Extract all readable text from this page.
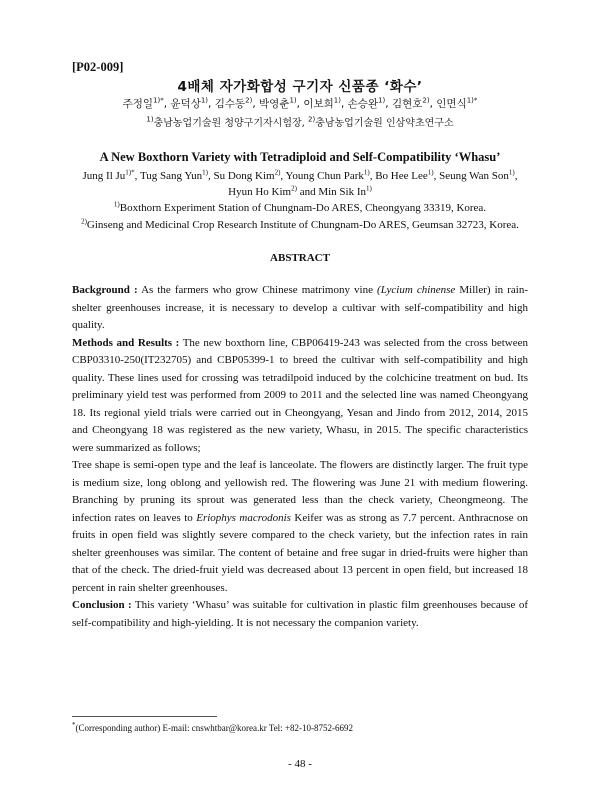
[P02-009]
4배체 자가화합성 구기자 신품종 ‘화수’
주정일$^{1)*}$, 윤덕상$^{1)}$, 김수동$^{2)}$, 박영춘$^{1)}$, 이보희$^{1)}$, 손승완$^{1)}$, 김현호$^{2)}$, 인면식$^{1)*}$
$^{1)}$충남농업기술원 청양구기자시험장, $^{2)}$충남농업기술원 인삼약초연구소
A New Boxthorn Variety with Tetradiploid and Self-Compatibility ‘Whasu’
Jung Il $Ju^{1)*}$, Tug Sang Yun$^{1)}$, Su Dong Kim$^{2)}$, Young Chun Park$^{1)}$, Bo Hee Lee$^{1)}$, Seung Wan Son$^{1)}$, Hyun Ho Kim$^{2)}$ and Min Sik In$^{1)}$
$^{1)}$Boxthorn Experiment Station of Chungnam-Do ARES, Cheongyang 33319, Korea.
$^{2)}$Ginseng and Medicinal Crop Research Institute of Chungnam-Do ARES, Geumsan 32723, Korea.
ABSTRACT

Background : As the farmers who grow Chinese matrimony vine (Lycium chinense Miller) in rain-shelter greenhouses increase, it is necessary to develop a cultivar with self-compatibility and high quality.

Methods and Results : The new boxthorn line, CBP06419-243 was selected from the cross between CBP03310-250(IT232705) and CBP05399-1 to breed the cultivar with self-compatibility and high quality. These lines used for crossing was tetradilpoid induced by the colchicine treatment on bud. Its preliminary yield test was performed from 2009 to 2011 and the selected line was named Cheongyang 18. Its regional yield trials were carried out in Cheongyang, Yesan and Jindo from 2012, 2014, 2015 and Cheongyang 18 was registered as the new variety, Whasu, in 2015. The specific characteristics were summarized as follows;

Tree shape is semi-open type and the leaf is lanceolate. The flowers are distinctly larger. The fruit type is medium size, long oblong and yellowish red. The flowering was June 21 with medium flowering. Branching by pruning its sprout was generated less than the check variety, Cheongmeong. The infection rates on leaves to Eriophys macrodonis Keifer was as strong as 7.7 percent. Anthracnose on fruits in open field was slightly severe compared to the check variety, but the infection rates in rain shelter greenhouses was similar. The content of betaine and free sugar in dried-fruits were higher than that of the check. The dried-fruit yield was decreased about 13 percent in open field, but increased 18 percent in rain shelter greenhouses.

Conclusion : This variety ‘Whasu’ was suitable for cultivation in plastic film greenhouses because of self-compatibility and high-yielding. It is not necessary the companion variety.

*(Corresponding author) E-mail: cnswhtbar@korea.kr Tel: +82-10-8752-6692
- 48 -
